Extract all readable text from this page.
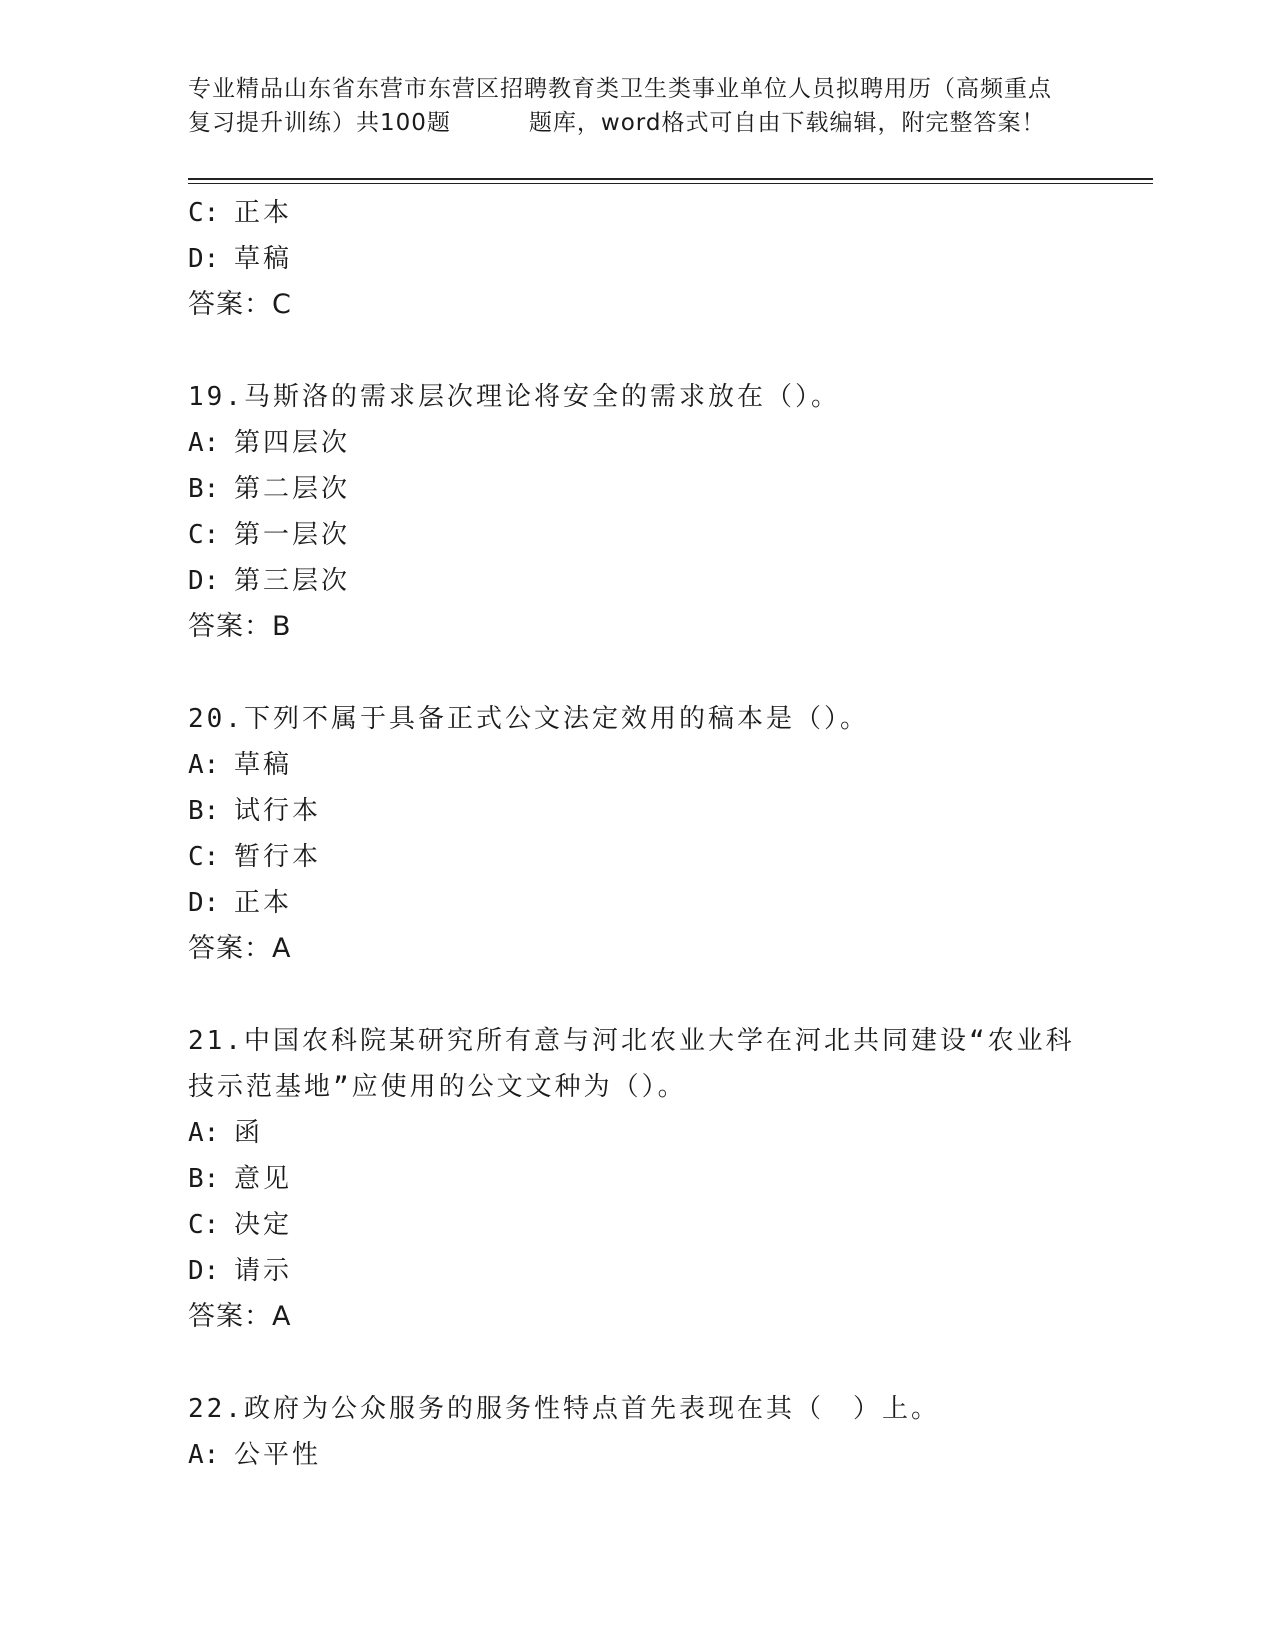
专业精品山东省东营市东营区招聘教育类卫生类事业单位人员拟聘用历（高频重点
复习提升训练）共100题	题库，word格式可自由下载编辑，附完整答案！
C: 正本
D: 草稿
答案：C
19.马斯洛的需求层次理论将安全的需求放在（）。
A: 第四层次
B: 第二层次
C: 第一层次
D: 第三层次
答案：B
20.下列不属于具备正式公文法定效用的稿本是（）。
A: 草稿
B: 试行本
C: 暂行本
D: 正本
答案：A
21.中国农科院某研究所有意与河北农业大学在河北共同建设“农业科
技示范基地”应使用的公文文种为（）。
A: 函
B: 意见
C: 决定
D: 请示
答案：A
22.政府为公众服务的服务性特点首先表现在其（　）上。
A: 公平性
